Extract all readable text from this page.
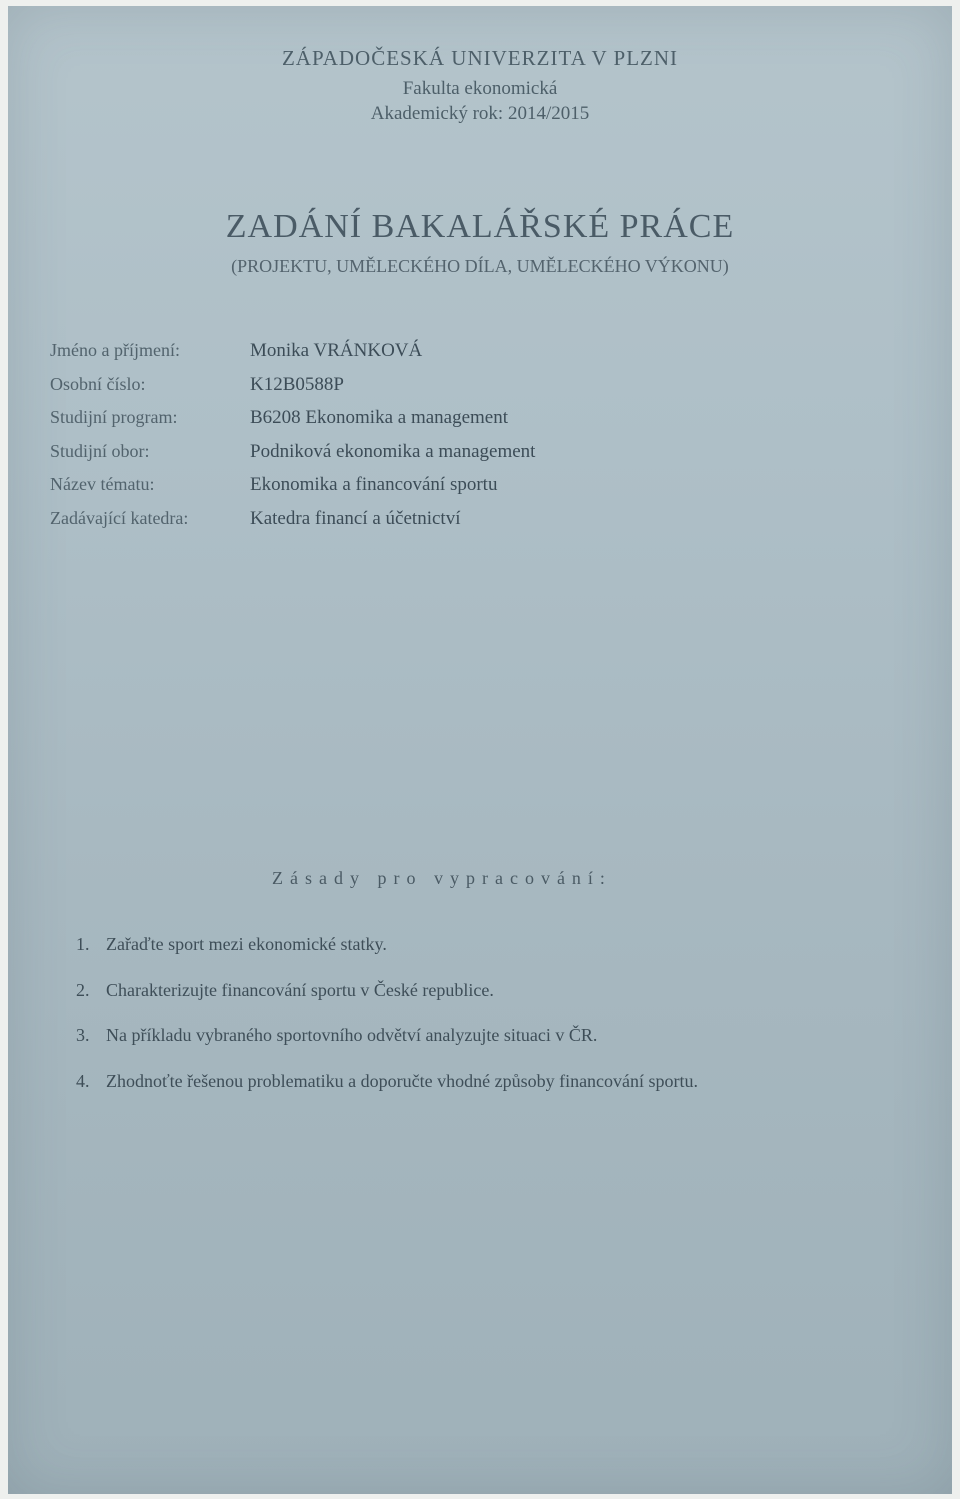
ZÁPADOČESKÁ UNIVERZITA V PLZNI
Fakulta ekonomická
Akademický rok: 2014/2015
ZADÁNÍ BAKALÁŘSKÉ PRÁCE
(PROJEKTU, UMĚLECKÉHO DÍLA, UMĚLECKÉHO VÝKONU)
Jméno a příjmení:	Monika VRÁNKOVÁ
Osobní číslo:	K12B0588P
Studijní program:	B6208 Ekonomika a management
Studijní obor:	Podniková ekonomika a management
Název tématu:	Ekonomika a financování sportu
Zadávající katedra:	Katedra financí a účetnictví
Zásady pro vypracování:
1. Zařaďte sport mezi ekonomické statky.
2. Charakterizujte financování sportu v České republice.
3. Na příkladu vybraného sportovního odvětví analyzujte situaci v ČR.
4. Zhodnoťte řešenou problematiku a doporučte vhodné způsoby financování sportu.
